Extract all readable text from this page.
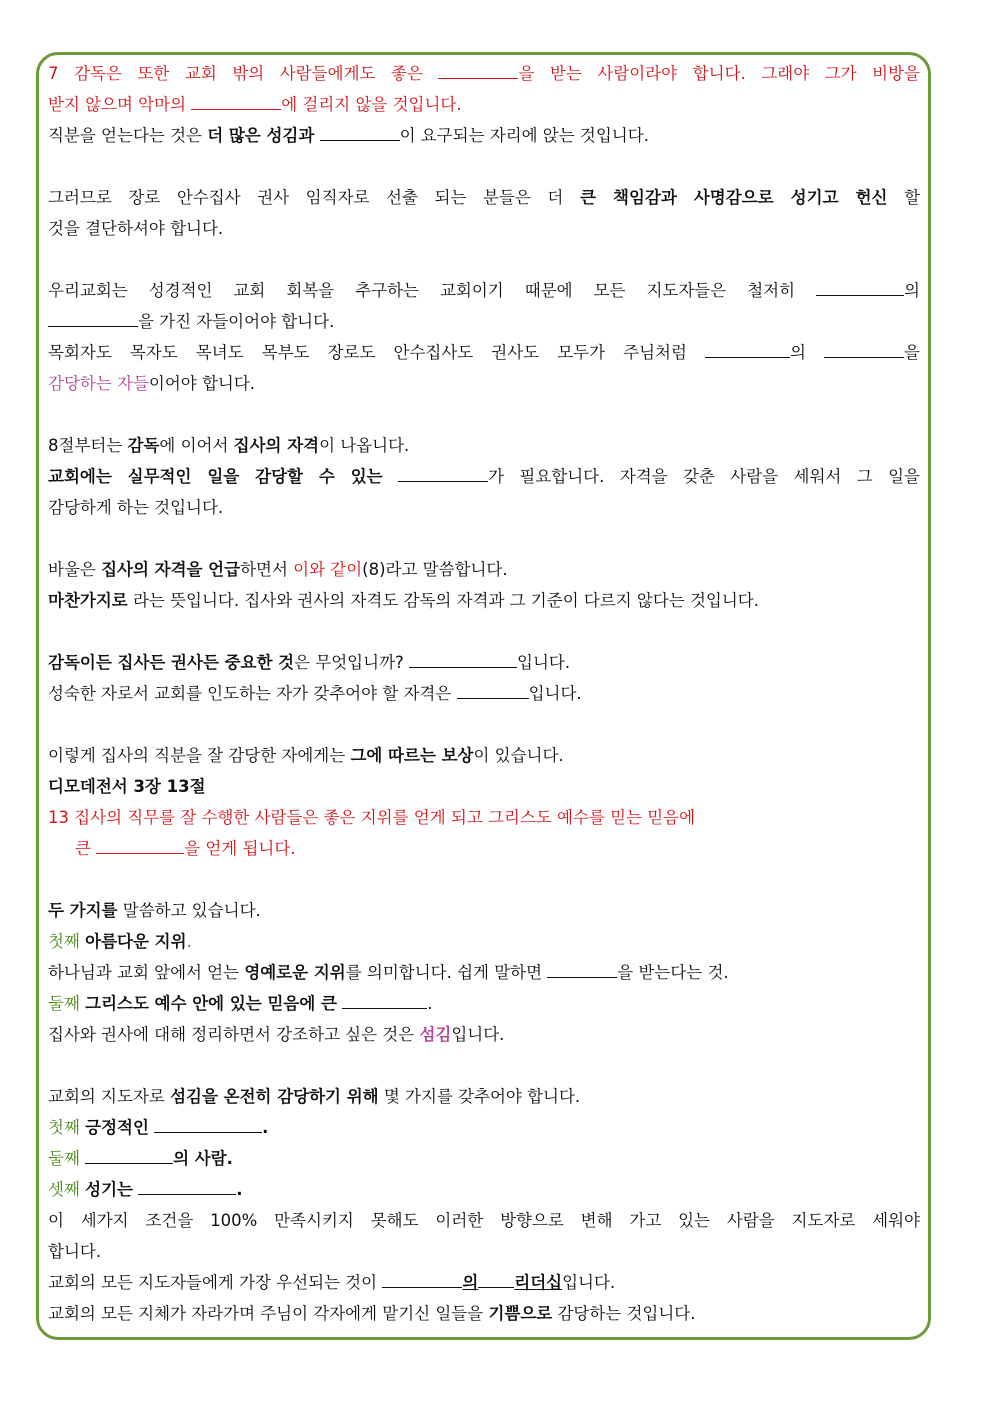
7 감독은 또한 교회 밖의 사람들에게도 좋은	을 받는 사람이라야 합니다. 그래야 그가 비방을
받지 않으며 악마의	에 걸리지 않을 것입니다.
직분을 얻는다는 것은 더 많은 성김과	이 요구되는 자리에 앉는 것입니다.
그러므로 장로 안수집사 권사 임직자로 선출 되는 분들은 더 큰 책임감과 사명감으로 성기고 헌신 할
것을 결단하셔야 합니다.
우리교회는 성경적인 교회 회복을 추구하는 교회이기 때문에 모든 지도자들은 철저히	의
을 가진 자들이어야 합니다.
목회자도 목자도 목녀도 목부도 장로도 안수집사도 권사도 모두가 주님처럼	의	을
감당하는 자들이어야 합니다.
8절부터는 감독에 이어서 집사의 자격이 나옵니다.
교회에는 실무적인 일을 감당할 수 있는	가 필요합니다. 자격을 갖춘 사람을 세워서 그 일을
감당하게 하는 것입니다.
바울은 집사의 자격을 언급하면서 이와 같이(8)라고 말씀합니다.
마찬가지로 라는 뜻입니다. 집사와 권사의 자격도 감독의 자격과 그 기준이 다르지 않다는 것입니다.
감독이든 집사든 권사든 중요한 것은 무엇입니까?	입니다.
성숙한 자로서 교회를 인도하는 자가 갖추어야 할 자격은	입니다.
이렇게 집사의 직분을 잘 감당한 자에게는 그에 따르는 보상이 있습니다.
디모데전서 3장 13절
13 집사의 직무를 잘 수행한 사람들은 좋은 지위를 얻게 되고 그리스도 예수를 믿는 믿음에
큰	을 얻게 됩니다.
두 가지를 말씀하고 있습니다.
첫째 아름다운 지위.
하나님과 교회 앞에서 얻는 영예로운 지위를 의미합니다. 쉽게 말하면	을 받는다는 것.
둘째 그리스도 예수 안에 있는 믿음에 큰	.
집사와 권사에 대해 정리하면서 강조하고 싶은 것은 섬김입니다.
교회의 지도자로 섬김을 온전히 감당하기 위해 몇 가지를 갖추어야 합니다.
첫째 긍정적인	.
둘째	의 사람.
셋째 성기는	.
이 세가지 조건을 100% 만족시키지 못해도 이러한 방향으로 변해 가고 있는 사람을 지도자로 세워야
합니다.
교회의 모든 지도자들에게 가장 우선되는 것이	의 리더십입니다.
교회의 모든 지체가 자라가며 주님이 각자에게 맡기신 일들을 기쁨으로 감당하는 것입니다.
